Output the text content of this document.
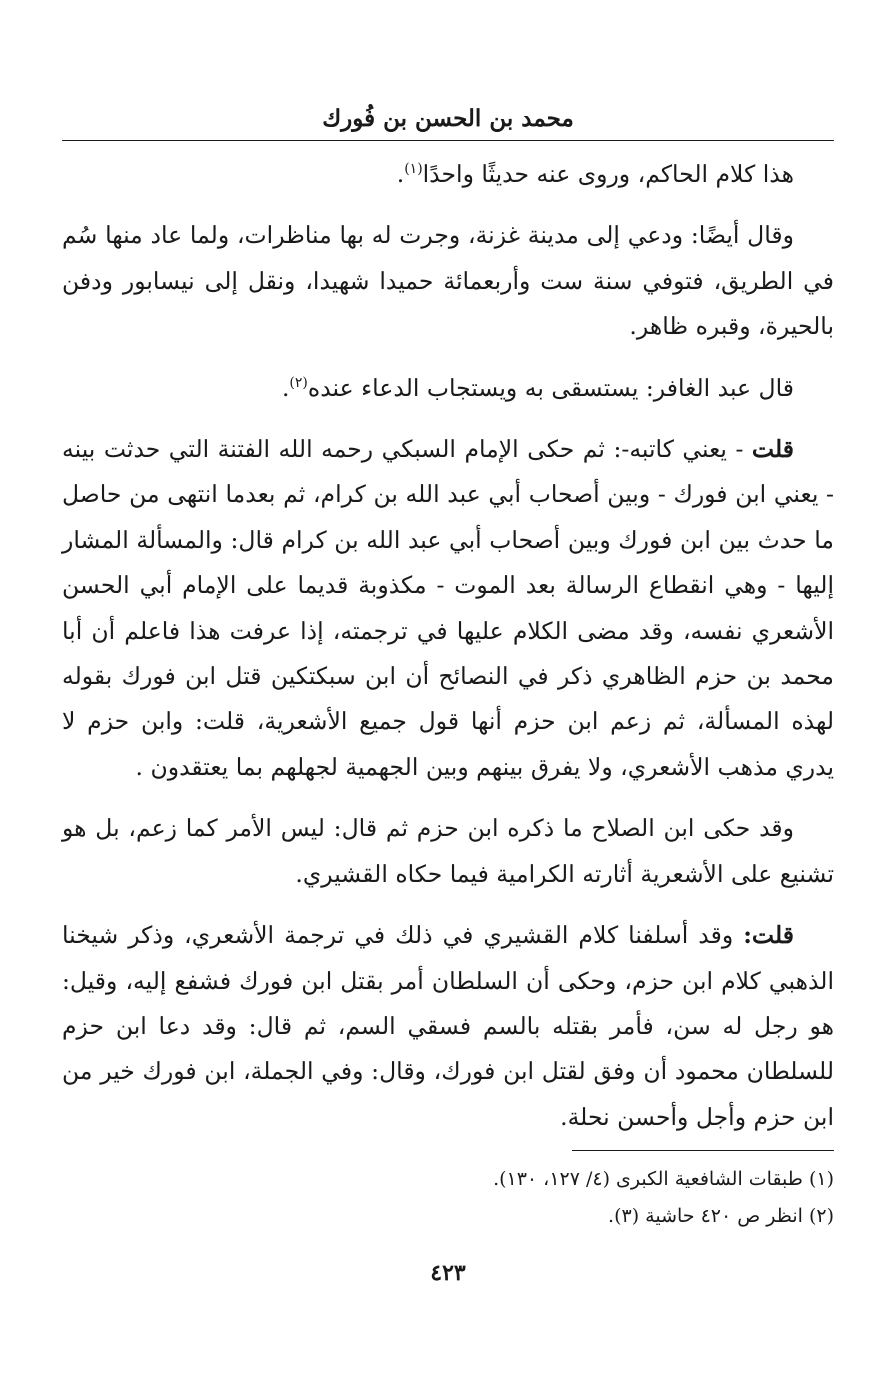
محمد بن الحسن بن فُورك

هذا كلام الحاكم، وروى عنه حديثًا واحدًا$^{(١)}$.

وقال أيضًا: ودعي إلى مدينة غزنة، وجرت له بها مناظرات، ولما عاد منها سُم في الطريق، فتوفي سنة ست وأربعمائة حميدا شهيدا، ونقل إلى نيسابور ودفن بالحيرة، وقبره ظاهر.

قال عبد الغافر: يستسقى به ويستجاب الدعاء عنده$^{(٢)}$.

قلت - يعني كاتبه-: ثم حكى الإمام السبكي رحمه الله الفتنة التي حدثت بينه - يعني ابن فورك - وبين أصحاب أبي عبد الله بن كرام، ثم بعدما انتهى من حاصل ما حدث بين ابن فورك وبين أصحاب أبي عبد الله بن كرام قال: والمسألة المشار إليها - وهي انقطاع الرسالة بعد الموت - مكذوبة قديما على الإمام أبي الحسن الأشعري نفسه، وقد مضى الكلام عليها في ترجمته، إذا عرفت هذا فاعلم أن أبا محمد بن حزم الظاهري ذكر في النصائح أن ابن سبكتكين قتل ابن فورك بقوله لهذه المسألة، ثم زعم ابن حزم أنها قول جميع الأشعرية، قلت: وابن حزم لا يدري مذهب الأشعري، ولا يفرق بينهم وبين الجهمية لجهلهم بما يعتقدون .

وقد حكى ابن الصلاح ما ذكره ابن حزم ثم قال: ليس الأمر كما زعم، بل هو تشنيع على الأشعرية أثارته الكرامية فيما حكاه القشيري.

قلت: وقد أسلفنا كلام القشيري في ذلك في ترجمة الأشعري، وذكر شيخنا الذهبي كلام ابن حزم، وحكى أن السلطان أمر بقتل ابن فورك فشفع إليه، وقيل: هو رجل له سن، فأمر بقتله بالسم فسقي السم، ثم قال: وقد دعا ابن حزم للسلطان محمود أن وفق لقتل ابن فورك، وقال: وفي الجملة، ابن فورك خير من ابن حزم وأجل وأحسن نحلة.

(١) طبقات الشافعية الكبرى (٤/ ١٢٧، ١٣٠).

(٢) انظر ص ٤٢٠ حاشية (٣).

٤٢٣
